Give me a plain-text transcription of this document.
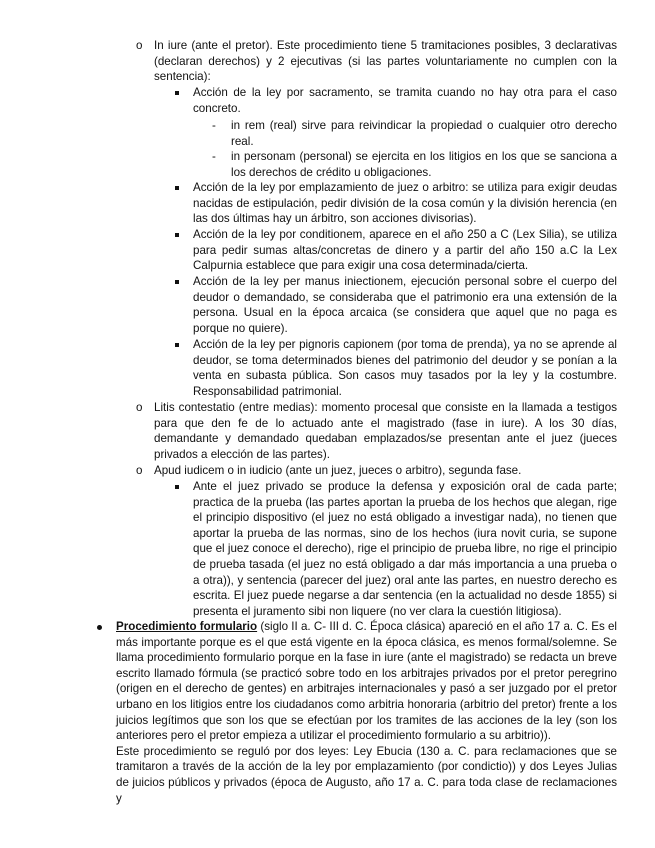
o In iure (ante el pretor). Este procedimiento tiene 5 tramitaciones posibles, 3 declarativas (declaran derechos) y 2 ejecutivas (si las partes voluntariamente no cumplen con la sentencia):
Acción de la ley por sacramento, se tramita cuando no hay otra para el caso concreto.
- in rem (real) sirve para reivindicar la propiedad o cualquier otro derecho real.
- in personam (personal) se ejercita en los litigios en los que se sanciona a los derechos de crédito u obligaciones.
Acción de la ley por emplazamiento de juez o arbitro: se utiliza para exigir deudas nacidas de estipulación, pedir división de la cosa común y la división herencia (en las dos últimas hay un árbitro, son acciones divisorias).
Acción de la ley por conditionem, aparece en el año 250 a C (Lex Silia), se utiliza para pedir sumas altas/concretas de dinero y a partir del año 150 a.C la Lex Calpurnia establece que para exigir una cosa determinada/cierta.
Acción de la ley per manus iniectionem, ejecución personal sobre el cuerpo del deudor o demandado, se consideraba que el patrimonio era una extensión de la persona. Usual en la época arcaica (se considera que aquel que no paga es porque no quiere).
Acción de la ley per pignoris capionem (por toma de prenda), ya no se aprende al deudor, se toma determinados bienes del patrimonio del deudor y se ponían a la venta en subasta pública. Son casos muy tasados por la ley y la costumbre. Responsabilidad patrimonial.
o Litis contestatio (entre medias): momento procesal que consiste en la llamada a testigos para que den fe de lo actuado ante el magistrado (fase in iure). A los 30 días, demandante y demandado quedaban emplazados/se presentan ante el juez (jueces privados a elección de las partes).
o Apud iudicem o in iudicio (ante un juez, jueces o arbitro), segunda fase.
Ante el juez privado se produce la defensa y exposición oral de cada parte; practica de la prueba (las partes aportan la prueba de los hechos que alegan, rige el principio dispositivo (el juez no está obligado a investigar nada), no tienen que aportar la prueba de las normas, sino de los hechos (iura novit curia, se supone que el juez conoce el derecho), rige el principio de prueba libre, no rige el principio de prueba tasada (el juez no está obligado a dar más importancia a una prueba o a otra)), y sentencia (parecer del juez) oral ante las partes, en nuestro derecho es escrita. El juez puede negarse a dar sentencia (en la actualidad no desde 1855) si presenta el juramento sibi non liquere (no ver clara la cuestión litigiosa).

Procedimiento formulario (siglo II a. C- III d. C. Época clásica) apareció en el año 17 a. C. Es el más importante porque es el que está vigente en la época clásica, es menos formal/solemne. Se llama procedimiento formulario porque en la fase in iure (ante el magistrado) se redacta un breve escrito llamado fórmula (se practicó sobre todo en los arbitrajes privados por el pretor peregrino (origen en el derecho de gentes) en arbitrajes internacionales y pasó a ser juzgado por el pretor urbano en los litigios entre los ciudadanos como arbitria honoraria (arbitrio del pretor) frente a los juicios legítimos que son los que se efectúan por los tramites de las acciones de la ley (son los anteriores pero el pretor empieza a utilizar el procedimiento formulario a su arbitrio)).

Este procedimiento se reguló por dos leyes: Ley Ebucia (130 a. C. para reclamaciones que se tramitaron a través de la acción de la ley por emplazamiento (por condictio)) y dos Leyes Julias de juicios públicos y privados (época de Augusto, año 17 a. C. para toda clase de reclamaciones y
